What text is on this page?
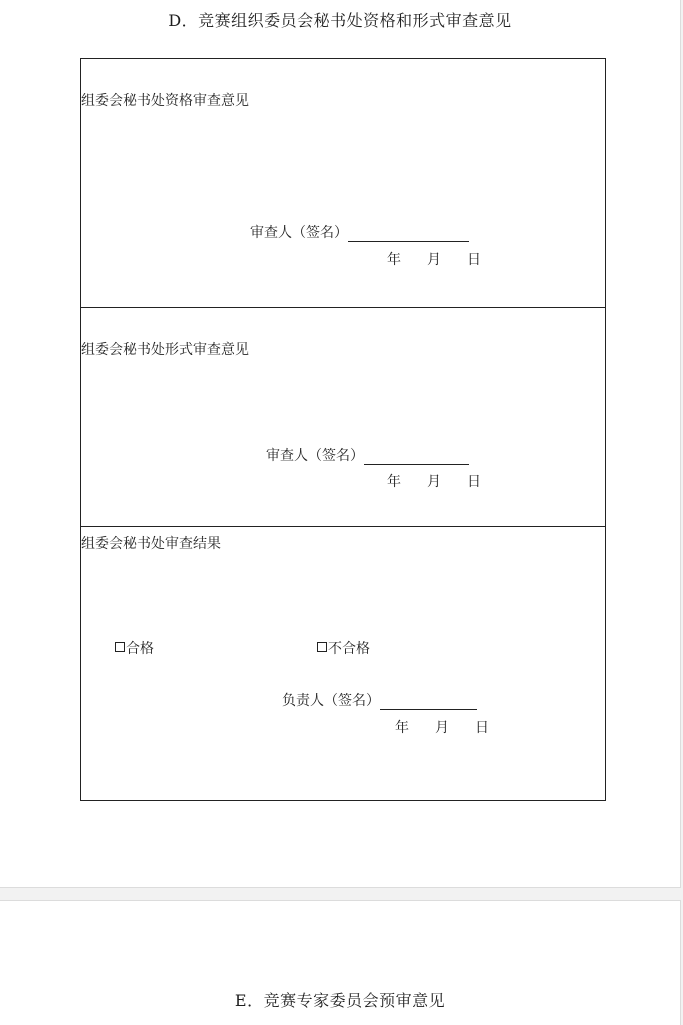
D．竞赛组织委员会秘书处资格和形式审查意见
组委会秘书处资格审查意见
审查人（签名）
年 月 日
组委会秘书处形式审查意见
审查人（签名）
年 月 日
组委会秘书处审查结果
合格	不合格
负责人（签名）
年 月 日
E．竞赛专家委员会预审意见
